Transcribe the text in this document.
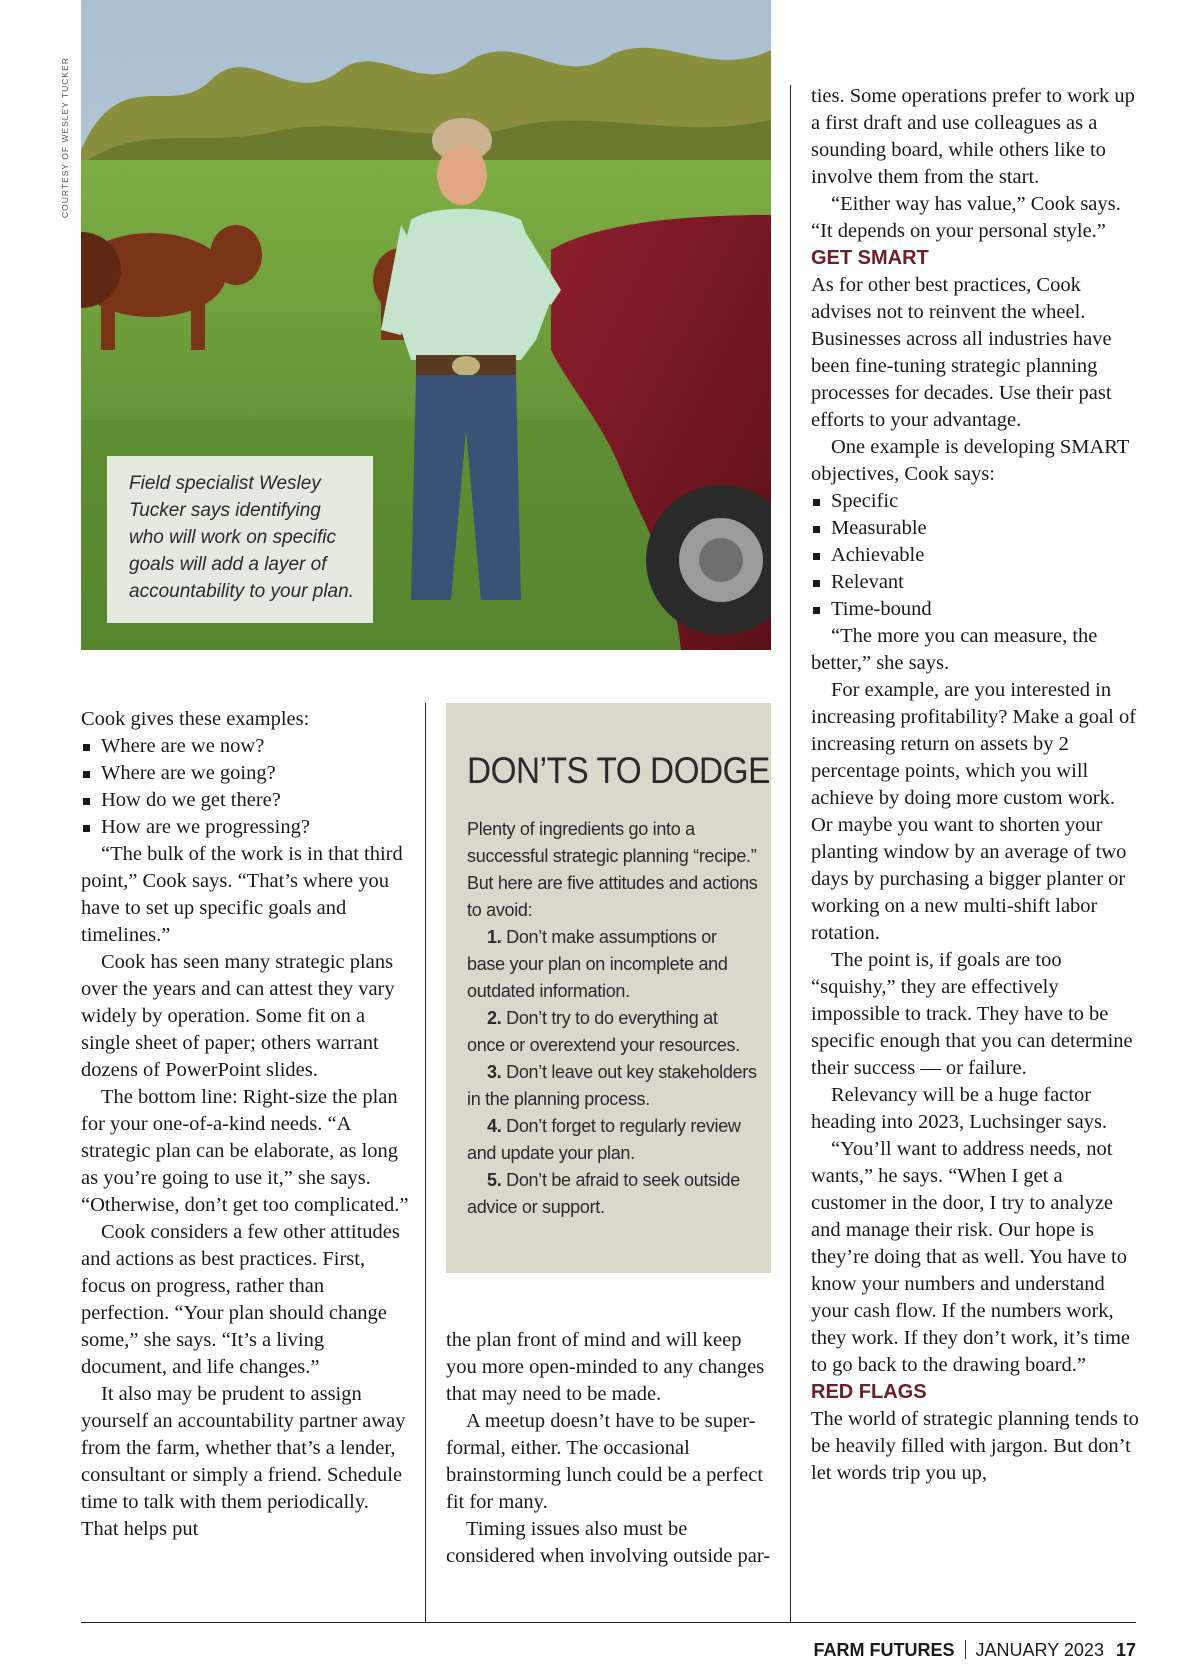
COURTESY OF WESLEY TUCKER

Field specialist Wesley Tucker says identifying who will work on specific goals will add a layer of accountability to your plan.

Cook gives these examples:

Where are we now?
Where are we going?
How do we get there?
How are we progressing?

“The bulk of the work is in that third point,” Cook says. “That’s where you have to set up specific goals and timelines.”

Cook has seen many strategic plans over the years and can attest they vary widely by operation. Some fit on a single sheet of paper; others warrant dozens of PowerPoint slides.

The bottom line: Right-size the plan for your one-of-a-kind needs. “A strategic plan can be elaborate, as long as you’re going to use it,” she says. “Otherwise, don’t get too complicated.”

Cook considers a few other attitudes and actions as best practices. First, focus on progress, rather than perfection. “Your plan should change some,” she says. “It’s a living document, and life changes.”

It also may be prudent to assign yourself an accountability partner away from the farm, whether that’s a lender, consultant or simply a friend. Schedule time to talk with them periodically. That helps put

DON’TS TO DODGE

Plenty of ingredients go into a successful strategic planning “recipe.” But here are five attitudes and actions to avoid:

1. Don’t make assumptions or base your plan on incomplete and outdated information.

2. Don’t try to do everything at once or overextend your resources.

3. Don’t leave out key stakeholders in the planning process.

4. Don’t forget to regularly review and update your plan.

5. Don’t be afraid to seek outside advice or support.

the plan front of mind and will keep you more open-minded to any changes that may need to be made.

A meetup doesn’t have to be super-formal, either. The occasional brainstorming lunch could be a perfect fit for many.

Timing issues also must be considered when involving outside par-

ties. Some operations prefer to work up a first draft and use colleagues as a sounding board, while others like to involve them from the start.

“Either way has value,” Cook says. “It depends on your personal style.”

GET SMART

As for other best practices, Cook advises not to reinvent the wheel. Businesses across all industries have been fine-tuning strategic planning processes for decades. Use their past efforts to your advantage.

One example is developing SMART objectives, Cook says:

Specific
Measurable
Achievable
Relevant
Time-bound

“The more you can measure, the better,” she says.

For example, are you interested in increasing profitability? Make a goal of increasing return on assets by 2 percentage points, which you will achieve by doing more custom work. Or maybe you want to shorten your planting window by an average of two days by purchasing a bigger planter or working on a new multi-shift labor rotation.

The point is, if goals are too “squishy,” they are effectively impossible to track. They have to be specific enough that you can determine their success — or failure.

Relevancy will be a huge factor heading into 2023, Luchsinger says.

“You’ll want to address needs, not wants,” he says. “When I get a customer in the door, I try to analyze and manage their risk. Our hope is they’re doing that as well. You have to know your numbers and understand your cash flow. If the numbers work, they work. If they don’t work, it’s time to go back to the drawing board.”

RED FLAGS

The world of strategic planning tends to be heavily filled with jargon. But don’t let words trip you up,

FARM FUTURES JANUARY 2023 17
